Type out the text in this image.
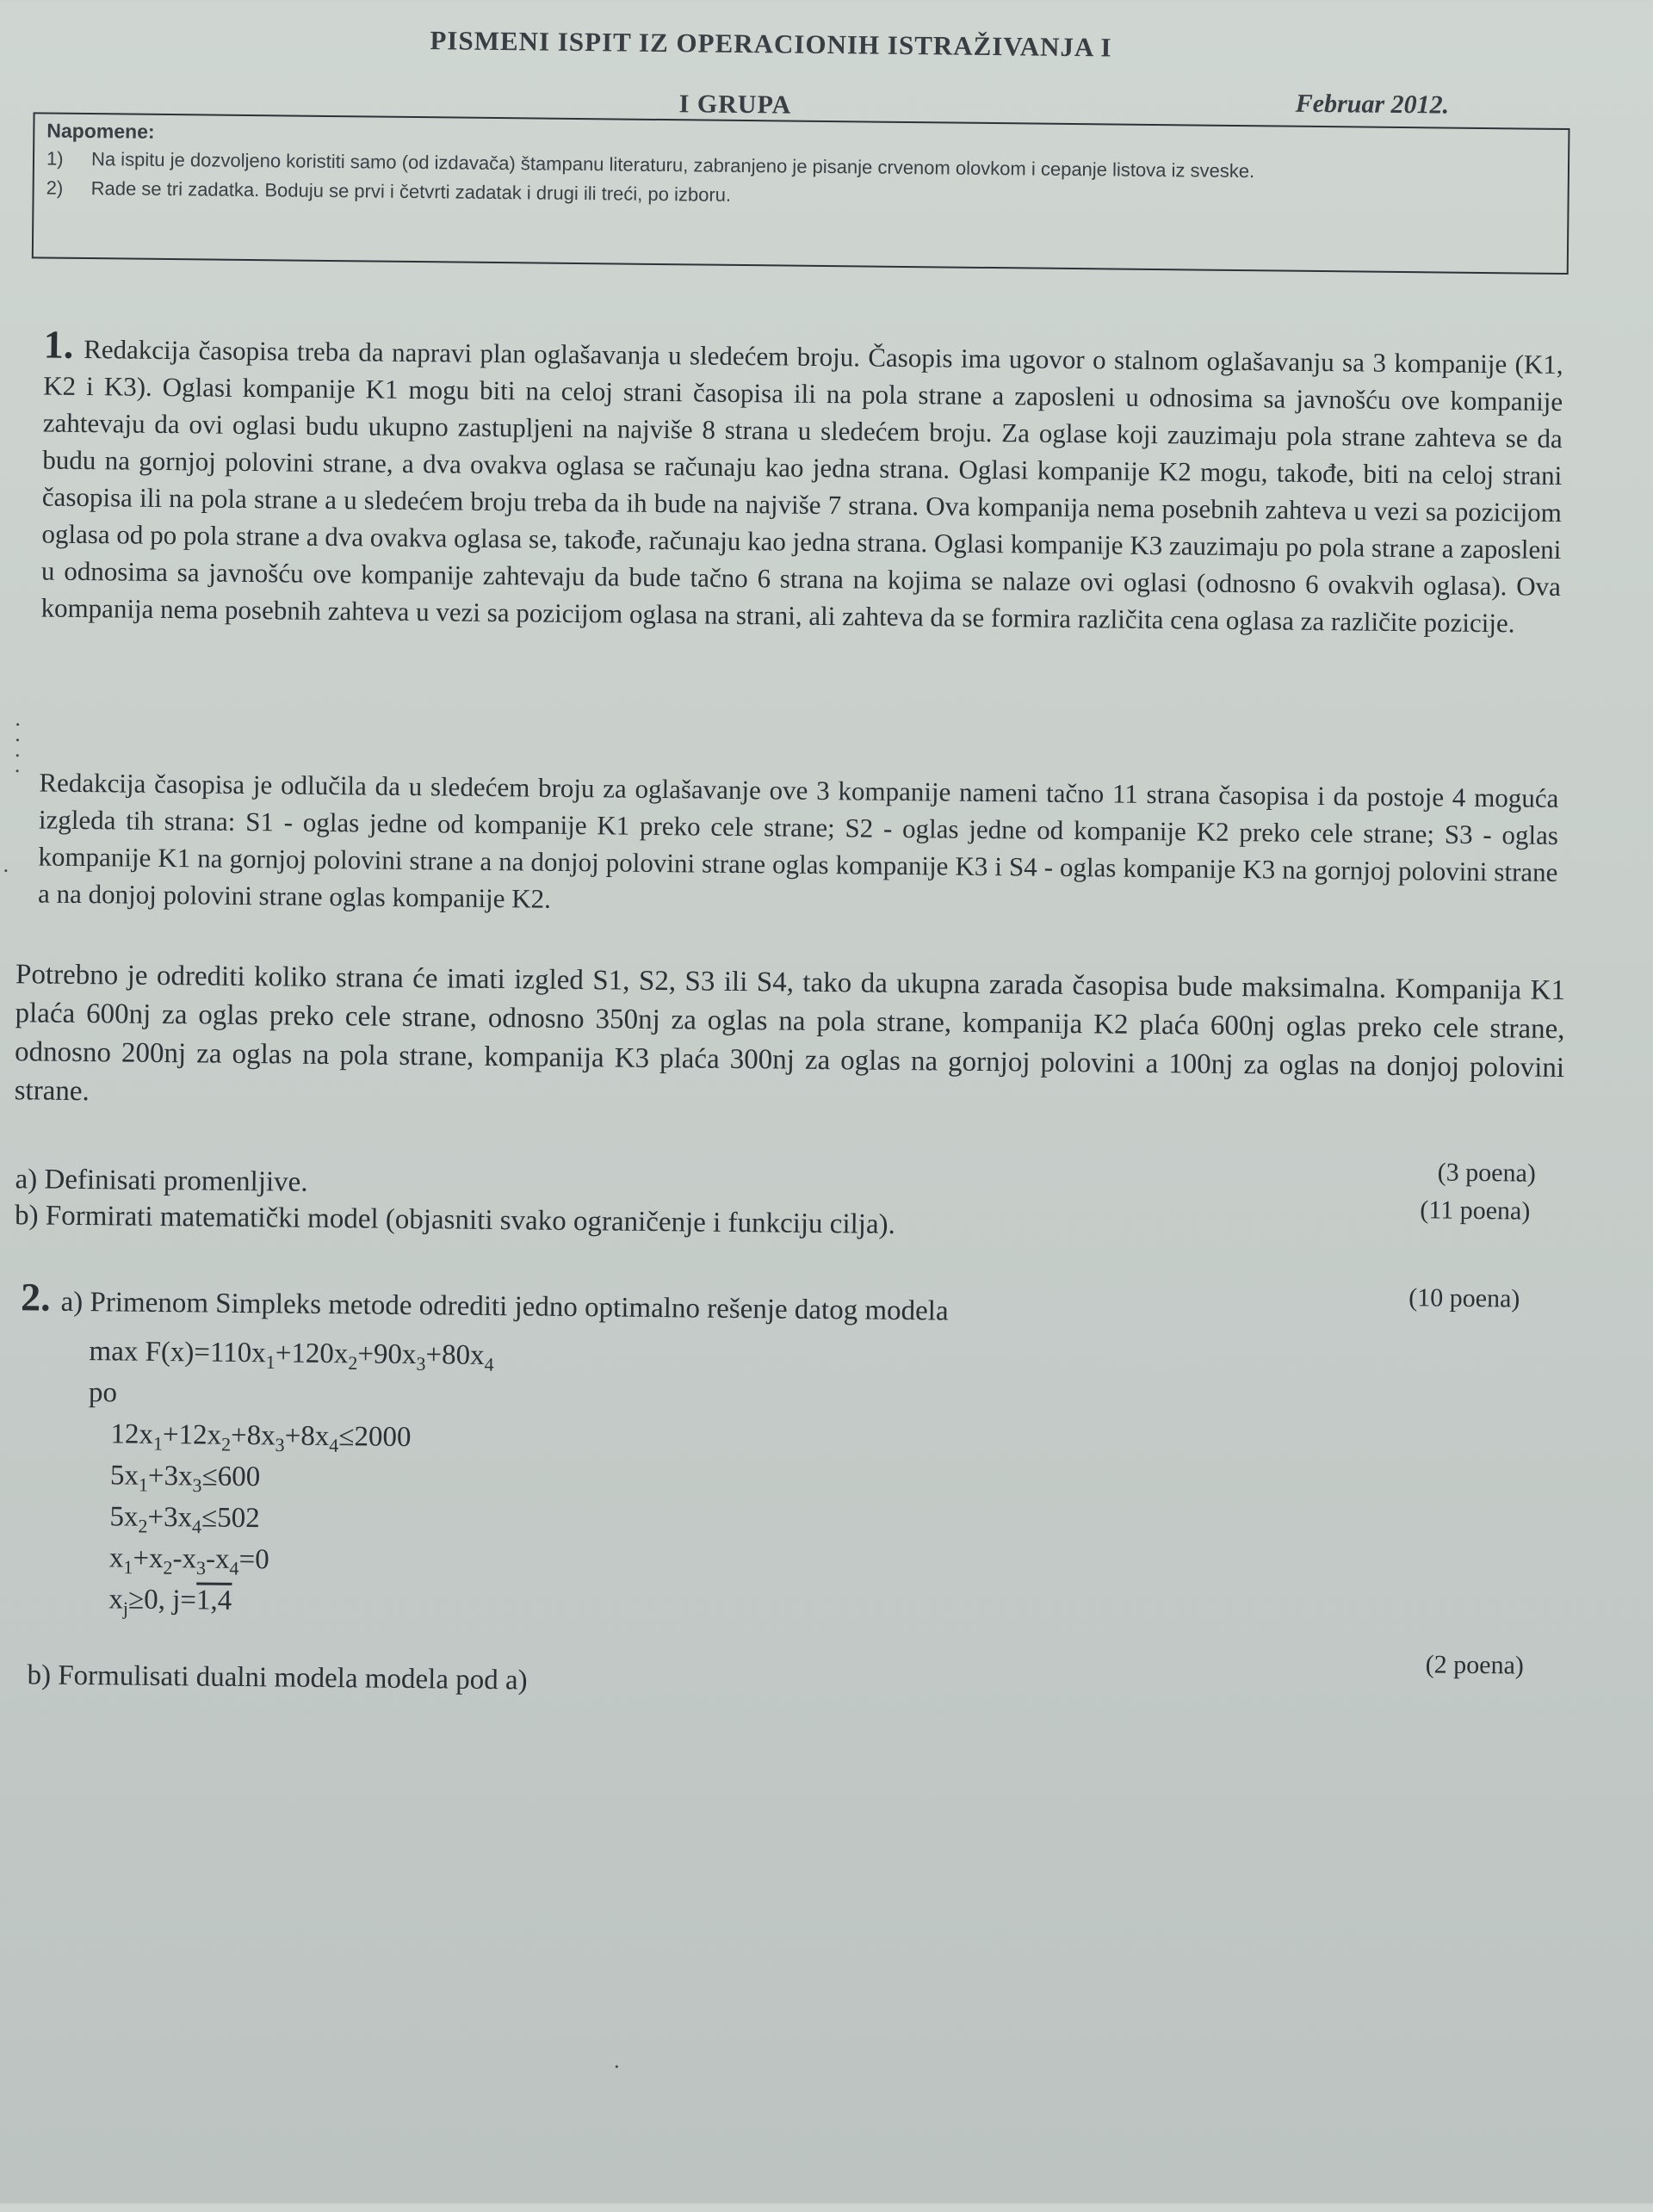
PISMENI ISPIT IZ OPERACIONIH ISTRAŽIVANJA I
I GRUPA	Februar 2012.
Napomene:
1)	Na ispitu je dozvoljeno koristiti samo (od izdavača) štampanu literaturu, zabranjeno je pisanje crvenom olovkom i cepanje listova iz sveske.
2)	Rade se tri zadatka. Boduju se prvi i četvrti zadatak i drugi ili treći, po izboru.
1. Redakcija časopisa treba da napravi plan oglašavanja u sledećem broju. Časopis ima ugovor o stalnom oglašavanju sa 3 kompanije (K1, K2 i K3). Oglasi kompanije K1 mogu biti na celoj strani časopisa ili na pola strane a zaposleni u odnosima sa javnošću ove kompanije zahtevaju da ovi oglasi budu ukupno zastupljeni na najviše 8 strana u sledećem broju. Za oglase koji zauzimaju pola strane zahteva se da budu na gornjoj polovini strane, a dva ovakva oglasa se računaju kao jedna strana. Oglasi kompanije K2 mogu, takođe, biti na celoj strani časopisa ili na pola strane a u sledećem broju treba da ih bude na najviše 7 strana. Ova kompanija nema posebnih zahteva u vezi sa pozicijom oglasa od po pola strane a dva ovakva oglasa se, takođe, računaju kao jedna strana. Oglasi kompanije K3 zauzimaju po pola strane a zaposleni u odnosima sa javnošću ove kompanije zahtevaju da bude tačno 6 strana na kojima se nalaze ovi oglasi (odnosno 6 ovakvih oglasa). Ova kompanija nema posebnih zahteva u vezi sa pozicijom oglasa na strani, ali zahteva da se formira različita cena oglasa za različite pozicije.
Redakcija časopisa je odlučila da u sledećem broju za oglašavanje ove 3 kompanije nameni tačno 11 strana časopisa i da postoje 4 moguća izgleda tih strana: S1 - oglas jedne od kompanije K1 preko cele strane; S2 - oglas jedne od kompanije K2 preko cele strane; S3 - oglas kompanije K1 na gornjoj polovini strane a na donjoj polovini strane oglas kompanije K3 i S4 - oglas kompanije K3 na gornjoj polovini strane a na donjoj polovini strane oglas kompanije K2.
Potrebno je odrediti koliko strana će imati izgled S1, S2, S3 ili S4, tako da ukupna zarada časopisa bude maksimalna. Kompanija K1 plaća 600nj za oglas preko cele strane, odnosno 350nj za oglas na pola strane, kompanija K2 plaća 600nj oglas preko cele strane, odnosno 200nj za oglas na pola strane, kompanija K3 plaća 300nj za oglas na gornjoj polovini a 100nj za oglas na donjoj polovini strane.
a) Definisati promenljive.	(3 poena)
b) Formirati matematički model (objasniti svako ograničenje i funkciju cilja).	(11 poena)
2. a) Primenom Simpleks metode odrediti jedno optimalno rešenje datog modela	(10 poena)
$\max F(x)=110x_1+120x_2+90x_3+80x_4$
po
$12x_1+12x_2+8x_3+8x_4\le 2000$
$5x_1+3x_3\le 600$
$5x_2+3x_4\le 502$
$x_1+x_2-x_3-x_4=0$
$x_j\ge 0$, j=1,4
b) Formulisati dualni modela modela pod a)	(2 poena)
